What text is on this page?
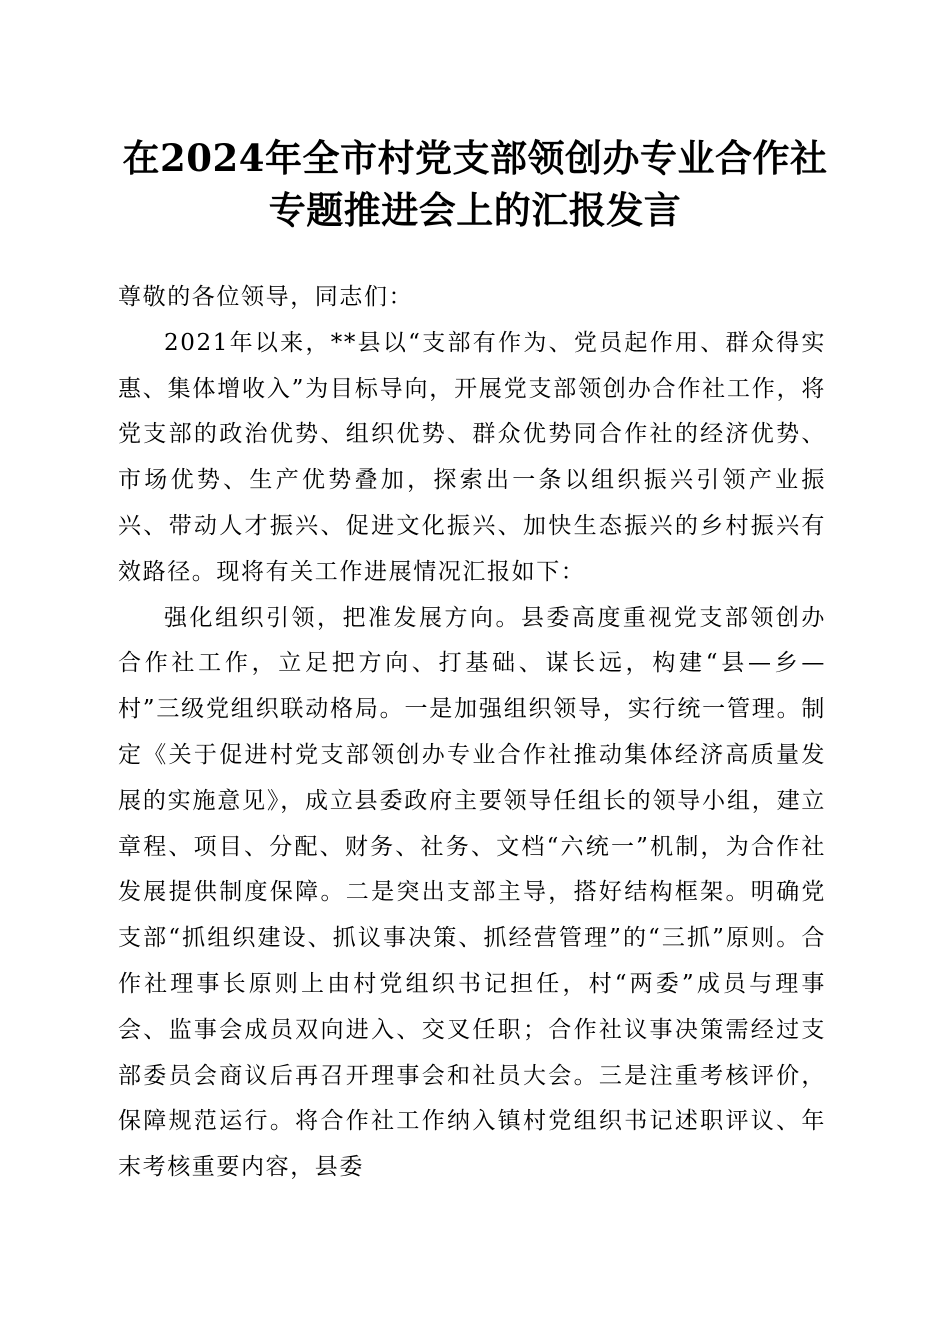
在2024年全市村党支部领创办专业合作社专题推进会上的汇报发言

尊敬的各位领导，同志们：

2021年以来，**县以“支部有作为、党员起作用、群众得实惠、集体增收入”为目标导向，开展党支部领创办合作社工作，将党支部的政治优势、组织优势、群众优势同合作社的经济优势、市场优势、生产优势叠加，探索出一条以组织振兴引领产业振兴、带动人才振兴、促进文化振兴、加快生态振兴的乡村振兴有效路径。现将有关工作进展情况汇报如下：

强化组织引领，把准发展方向。县委高度重视党支部领创办合作社工作，立足把方向、打基础、谋长远，构建“县—乡—村”三级党组织联动格局。一是加强组织领导，实行统一管理。制定《关于促进村党支部领创办专业合作社推动集体经济高质量发展的实施意见》，成立县委政府主要领导任组长的领导小组，建立章程、项目、分配、财务、社务、文档“六统一”机制，为合作社发展提供制度保障。二是突出支部主导，搭好结构框架。明确党支部“抓组织建设、抓议事决策、抓经营管理”的“三抓”原则。合作社理事长原则上由村党组织书记担任，村“两委”成员与理事会、监事会成员双向进入、交叉任职；合作社议事决策需经过支部委员会商议后再召开理事会和社员大会。三是注重考核评价，保障规范运行。将合作社工作纳入镇村党组织书记述职评议、年末考核重要内容，县委
